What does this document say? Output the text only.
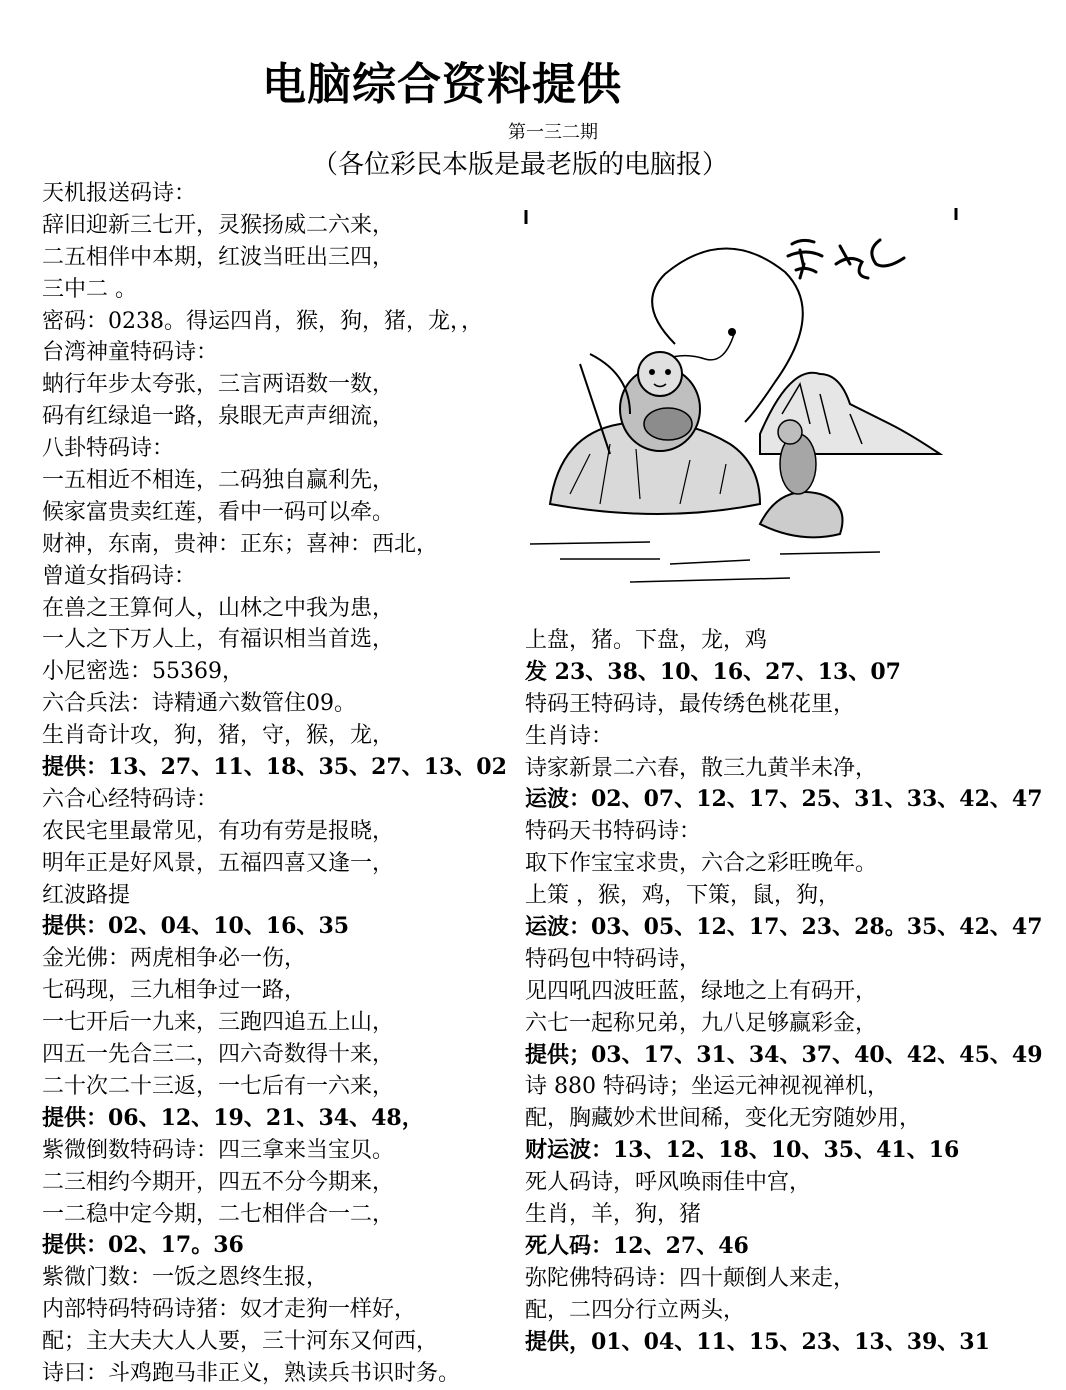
电脑综合资料提供
第一三二期
（各位彩民本版是最老版的电脑报）
天机报送码诗：
辞旧迎新三七开，灵猴扬威二六来，
二五相伴中本期，红波当旺出三四，
三中二 。
密码：0238。得运四肖，猴，狗，猪，龙，，
台湾神童特码诗：
蚋行年步太夸张，三言两语数一数，
码有红绿追一路，泉眼无声声细流，
八卦特码诗：
一五相近不相连，二码独自赢利先，
候家富贵卖红莲，看中一码可以牵。
财神，东南，贵神：正东；喜神：西北，
曾道女指码诗：
在兽之王算何人，山林之中我为患，
一人之下万人上，有福识相当首选，
小尼密选：55369，
六合兵法：诗精通六数管住09。
生肖奇计攻，狗，猪，守，猴，龙，
提供：13、27、11、18、35、27、13、02
六合心经特码诗：
农民宅里最常见，有功有劳是报晓，
明年正是好风景，五福四喜又逢一，
红波路提
提供：02、04、10、16、35
金光佛：两虎相争必一伤，
七码现，三九相争过一路，
一七开后一九来，三跑四追五上山，
四五一先合三二，四六奇数得十来，
二十次二十三返，一七后有一六来，
提供：06、12、19、21、34、48，
紫微倒数特码诗：四三拿来当宝贝。
二三相约今期开，四五不分今期来，
一二稳中定今期，二七相伴合一二，
提供：02、17。36
紫微门数：一饭之恩终生报，
内部特码特码诗猪：奴才走狗一样好，
配；主大夫大人人要，三十河东又何西，
诗曰：斗鸡跑马非正义，熟读兵书识时务。
上盘，猪。下盘，龙，鸡
发 23、38、10、16、27、13、07
特码王特码诗，最传绣色桃花里，
生肖诗：
诗家新景二六春，散三九黄半未净，
运波：02、07、12、17、25、31、33、42、47
特码天书特码诗：
取下作宝宝求贵，六合之彩旺晚年。
上策 ，猴，鸡，下策，鼠，狗，
运波：03、05、12、17、23、28。35、42、47
特码包中特码诗，
见四吼四波旺蓝，绿地之上有码开，
六七一起称兄弟，九八足够赢彩金，
提供；03、17、31、34、37、40、42、45、49
诗 880 特码诗；坐运元神视视禅机，
配，胸藏妙术世间稀，变化无穷随妙用，
财运波：13、12、18、10、35、41、16
死人码诗，呼风唤雨佳中宫，
生肖，羊，狗，猪
死人码：12、27、46
弥陀佛特码诗：四十颠倒人来走，
配，二四分行立两头，
提供，01、04、11、15、23、13、39、31
